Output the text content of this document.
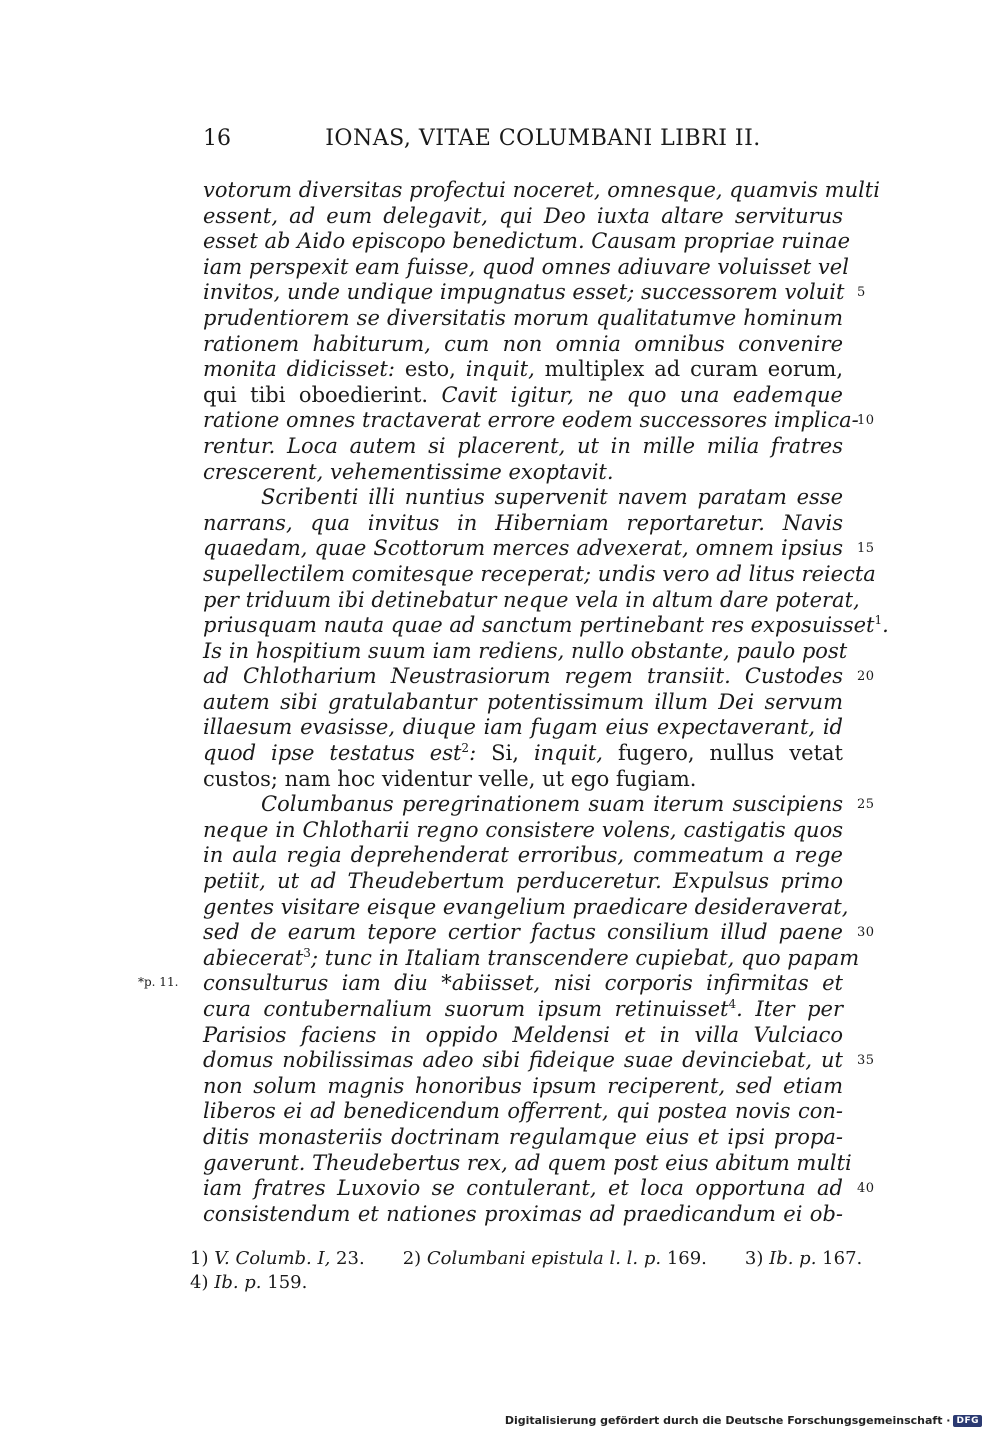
16	IONAS, VITAE COLUMBANI LIBRI II.
votorum diversitas profectui noceret, omnesque, quamvis multi
essent, ad eum delegavit, qui Deo iuxta altare serviturus
esset ab Aido episcopo benedictum. Causam propriae ruinae
iam perspexit eam fuisse, quod omnes adiuvare voluisset vel
invitos, unde undique impugnatus esset; successorem voluit 5
prudentiorem se diversitatis morum qualitatumve hominum
rationem habiturum, cum non omnia omnibus convenire
monita didicisset: esto, inquit, multiplex ad curam eorum,
qui tibi oboedierint. Cavit igitur, ne quo una eademque
ratione omnes tractaverat errore eodem successores implica-
10
rentur. Loca autem si placerent, ut in mille milia fratres
crescerent, vehementissime exoptavit.
Scribenti illi nuntius supervenit navem paratam esse
narrans, qua invitus in Hiberniam reportaretur. Navis
quaedam, quae Scottorum merces advexerat, omnem ipsius 15
supellectilem comitesque receperat; undis vero ad litus reiecta
per triduum ibi detinebatur neque vela in altum dare poterat,
priusquam nauta quae ad sanctum pertinebant res exposuisset$^1$.
Is in hospitium suum iam rediens, nullo obstante, paulo post
ad Chlotharium Neustrasiorum regem transiit. Custodes 20
autem sibi gratulabantur potentissimum illum Dei servum
illaesum evasisse, diuque iam fugam eius expectaverant, id
quod ipse testatus est$^2$: Si, inquit, fugero, nullus vetat
custos; nam hoc videntur velle, ut ego fugiam.
Columbanus peregrinationem suam iterum suscipiens 25
neque in Chlotharii regno consistere volens, castigatis quos
in aula regia deprehenderat erroribus, commeatum a rege
petiit, ut ad Theudebertum perduceretur. Expulsus primo
gentes visitare eisque evangelium praedicare desideraverat,
sed de earum tepore certior factus consilium illud paene 30
abiecerat$^3$; tunc in Italiam transcendere cupiebat, quo papam
consulturus iam diu *abiisset, nisi corporis infirmitas et
cura contubernalium suorum ipsum retinuisset$^4$. Iter per
Parisios faciens in oppido Meldensi et in villa Vulciaco
domus nobilissimas adeo sibi fideique suae devinciebat, ut 35
non solum magnis honoribus ipsum reciperent, sed etiam
liberos ei ad benedicendum offerrent, qui postea novis con-
ditis monasteriis doctrinam regulamque eius et ipsi propa-
gaverunt. Theudebertus rex, ad quem post eius abitum multi
iam fratres Luxovio se contulerant, et loca opportuna ad 40
consistendum et nationes proximas ad praedicandum ei ob-
*p. 11.
1) V. Columb. I, 23. 2) Columbani epistula l. l. p. 169. 3) Ib. p. 167.
4) Ib. p. 159.
Digitalisierung gefördert durch die Deutsche Forschungsgemeinschaft · DFG
